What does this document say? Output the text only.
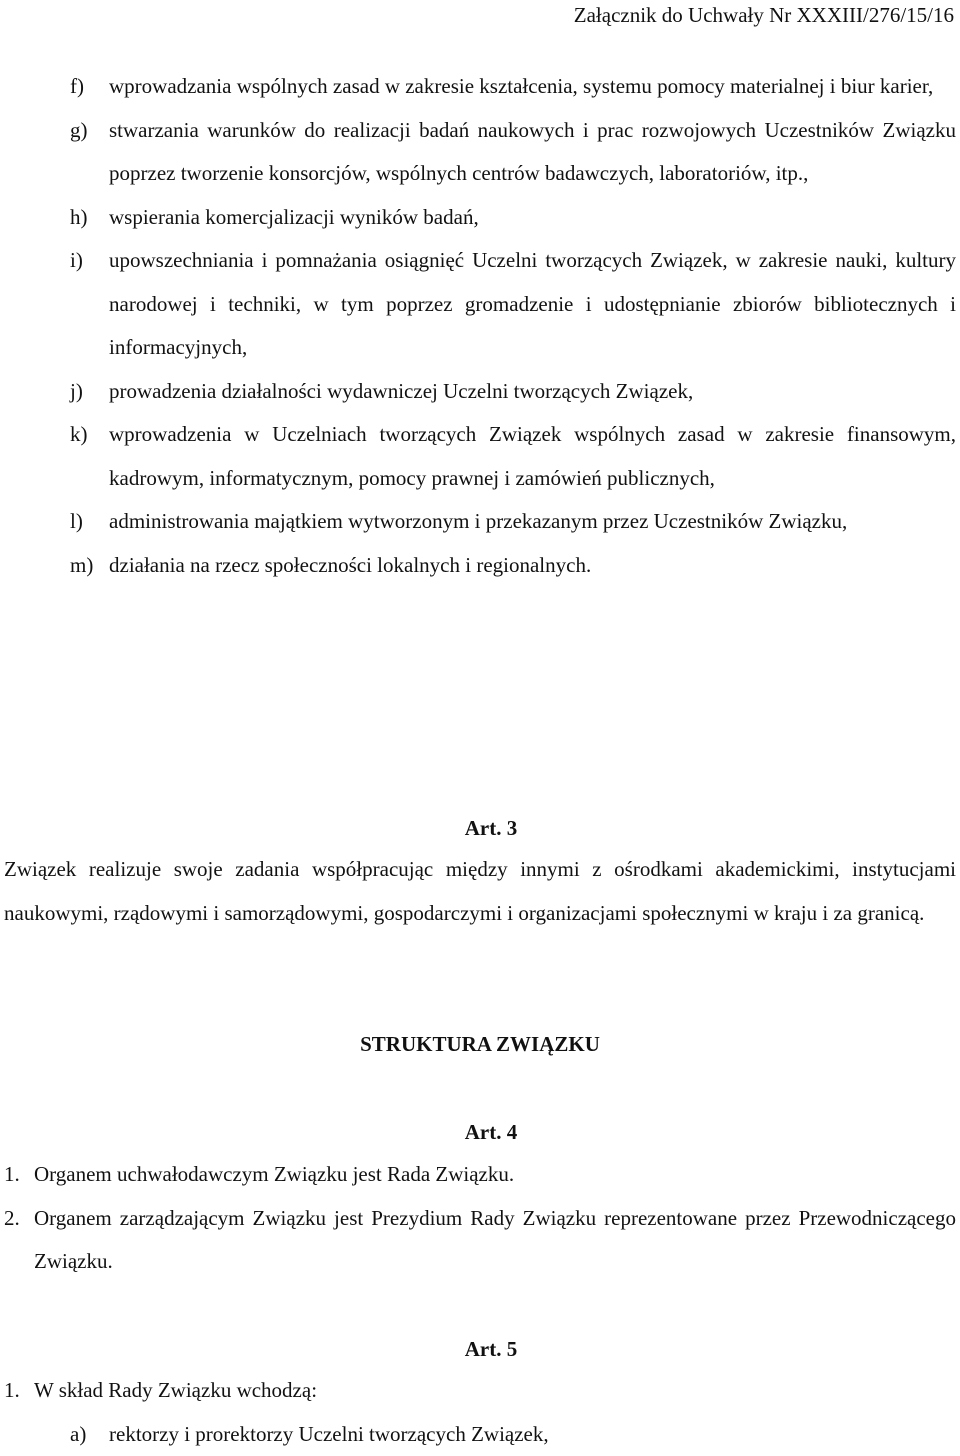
Załącznik do Uchwały Nr XXXIII/276/15/16
f) wprowadzania wspólnych zasad w zakresie kształcenia, systemu pomocy materialnej i biur karier,
g) stwarzania warunków do realizacji badań naukowych i prac rozwojowych Uczestników Związku poprzez tworzenie konsorcjów, wspólnych centrów badawczych, laboratoriów, itp.,
h) wspierania komercjalizacji wyników badań,
i) upowszechniania i pomnażania osiągnięć Uczelni tworzących Związek, w zakresie nauki, kultury narodowej i techniki, w tym poprzez gromadzenie i udostępnianie zbiorów bibliotecznych i informacyjnych,
j) prowadzenia działalności wydawniczej Uczelni tworzących Związek,
k) wprowadzenia w Uczelniach tworzących Związek wspólnych zasad w zakresie finansowym, kadrowym, informatycznym, pomocy prawnej i zamówień publicznych,
l) administrowania majątkiem wytworzonym i przekazanym przez Uczestników Związku,
m) działania na rzecz społeczności lokalnych i regionalnych.
Art. 3
Związek realizuje swoje zadania współpracując między innymi z ośrodkami akademickimi, instytucjami naukowymi, rządowymi i samorządowymi, gospodarczymi i organizacjami społecznymi w kraju i za granicą.
STRUKTURA ZWIĄZKU
Art. 4
1. Organem uchwałodawczym Związku jest Rada Związku.
2. Organem zarządzającym Związku jest Prezydium Rady Związku reprezentowane przez Przewodniczącego Związku.
Art. 5
1. W skład Rady Związku wchodzą:
a) rektorzy i prorektorzy Uczelni tworzących Związek,
